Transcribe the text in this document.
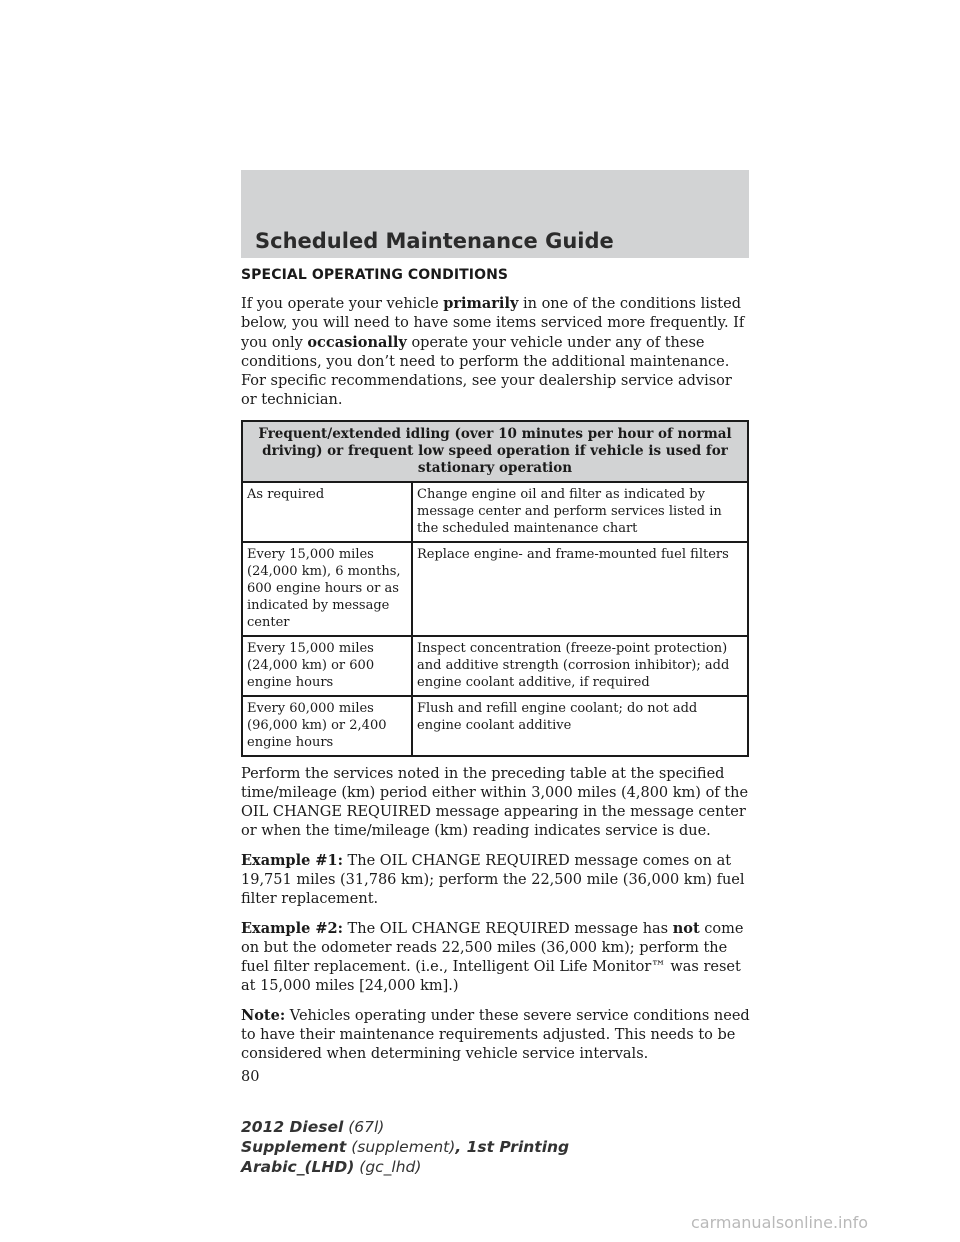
Scheduled Maintenance Guide
SPECIAL OPERATING CONDITIONS

If you operate your vehicle primarily in one of the conditions listed below, you will need to have some items serviced more frequently. If you only occasionally operate your vehicle under any of these conditions, you don’t need to perform the additional maintenance. For specific recommendations, see your dealership service advisor or technician.

Frequent/extended idling (over 10 minutes per hour of normal driving) or frequent low speed operation if vehicle is used for stationary operation	
As required	Change engine oil and filter as indicated by message center and perform services listed in the scheduled maintenance chart
Every 15,000 miles (24,000 km), 6 months, 600 engine hours or as indicated by message center	Replace engine- and frame-mounted fuel filters
Every 15,000 miles (24,000 km) or 600 engine hours	Inspect concentration (freeze-point protection) and additive strength (corrosion inhibitor); add engine coolant additive, if required
Every 60,000 miles (96,000 km) or 2,400 engine hours	Flush and refill engine coolant; do not add engine coolant additive

Perform the services noted in the preceding table at the specified time/mileage (km) period either within 3,000 miles (4,800 km) of the OIL CHANGE REQUIRED message appearing in the message center or when the time/mileage (km) reading indicates service is due.

Example #1: The OIL CHANGE REQUIRED message comes on at 19,751 miles (31,786 km); perform the 22,500 mile (36,000 km) fuel filter replacement.

Example #2: The OIL CHANGE REQUIRED message has not come on but the odometer reads 22,500 miles (36,000 km); perform the fuel filter replacement. (i.e., Intelligent Oil Life Monitor™ was reset at 15,000 miles [24,000 km].)

Note: Vehicles operating under these severe service conditions need to have their maintenance requirements adjusted. This needs to be considered when determining vehicle service intervals.

80
2012 Diesel (67l)
Supplement (supplement), 1st Printing
Arabic_(LHD) (gc_lhd)
carmanualsonline.info
